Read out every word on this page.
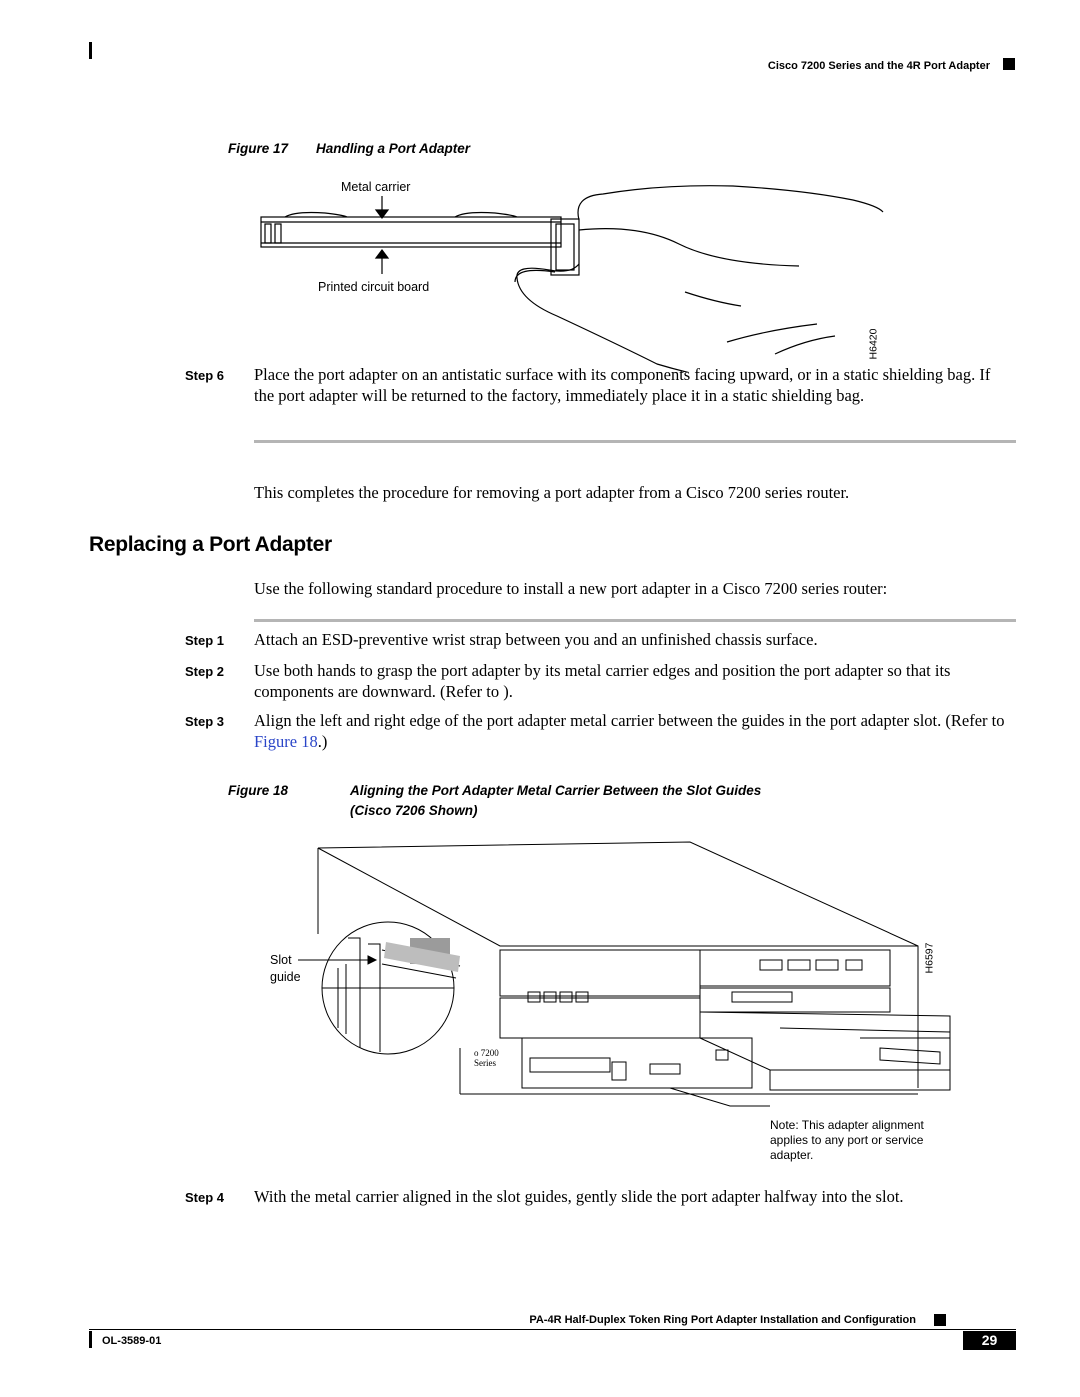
Cisco 7200 Series and the 4R Port Adapter
Figure 17 Handling a Port Adapter
Metal carrier
Printed circuit board
H6420
Step 6 Place the port adapter on an antistatic surface with its components facing upward, or in a static shielding bag. If the port adapter will be returned to the factory, immediately place it in a static shielding bag.
This completes the procedure for removing a port adapter from a Cisco 7200 series router.
Replacing a Port Adapter
Use the following standard procedure to install a new port adapter in a Cisco 7200 series router:
Step 1 Attach an ESD-preventive wrist strap between you and an unfinished chassis surface.
Step 2 Use both hands to grasp the port adapter by its metal carrier edges and position the port adapter so that its components are downward. (Refer to ).
Step 3 Align the left and right edge of the port adapter metal carrier between the guides in the port adapter slot. (Refer to Figure 18.)
Figure 18	Aligning the Port Adapter Metal Carrier Between the Slot Guides
(Cisco 7206 Shown)
o 7200
Series
Slot
guide
H6597
Note: This adapter alignment
applies to any port or service
adapter.
Step 4 With the metal carrier aligned in the slot guides, gently slide the port adapter halfway into the slot.
PA-4R Half-Duplex Token Ring Port Adapter Installation and Configuration
OL-3589-01	29
